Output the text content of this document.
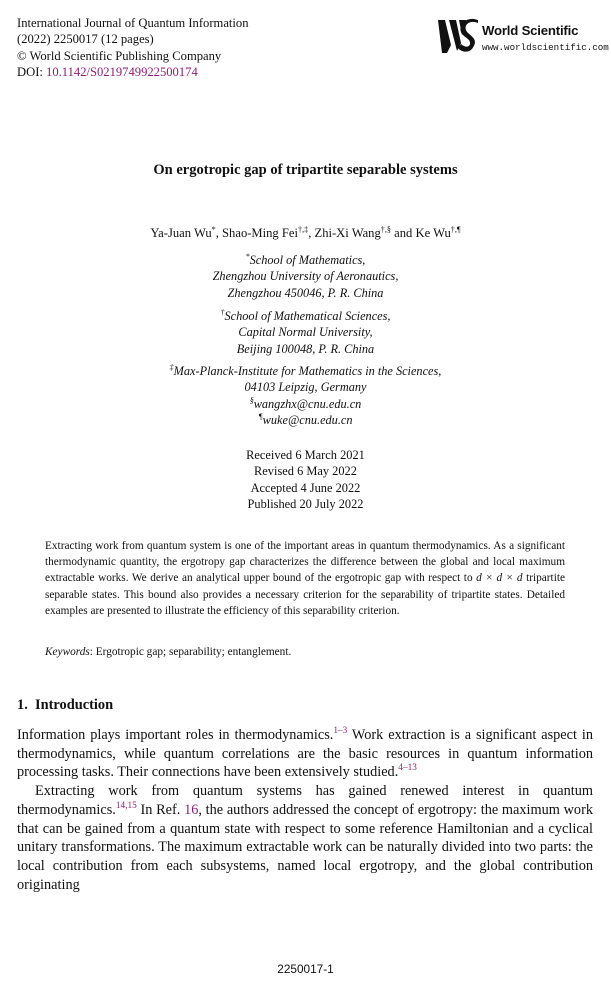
International Journal of Quantum Information
(2022) 2250017 (12 pages)
© World Scientific Publishing Company
DOI: 10.1142/S0219749922500174
World Scientific
www.worldscientific.com
On ergotropic gap of tripartite separable systems
Ya-Juan Wu*, Shao-Ming Fei†,‡, Zhi-Xi Wang†,§ and Ke Wu†,¶
*School of Mathematics,
Zhengzhou University of Aeronautics,
Zhengzhou 450046, P. R. China
†School of Mathematical Sciences,
Capital Normal University,
Beijing 100048, P. R. China
‡Max-Planck-Institute for Mathematics in the Sciences,
04103 Leipzig, Germany
§wangzhx@cnu.edu.cn
¶wuke@cnu.edu.cn
Received 6 March 2021
Revised 6 May 2022
Accepted 4 June 2022
Published 20 July 2022
Extracting work from quantum system is one of the important areas in quantum thermodynamics. As a significant thermodynamic quantity, the ergotropy gap characterizes the difference between the global and local maximum extractable works. We derive an analytical upper bound of the ergotropic gap with respect to d × d × d tripartite separable states. This bound also provides a necessary criterion for the separability of tripartite states. Detailed examples are presented to illustrate the efficiency of this separability criterion.
Keywords: Ergotropic gap; separability; entanglement.
1. Introduction

Information plays important roles in thermodynamics.$^{1-3}$ Work extraction is a significant aspect in thermodynamics, while quantum correlations are the basic resources in quantum information processing tasks. Their connections have been extensively studied.$^{4-13}$

Extracting work from quantum systems has gained renewed interest in quantum thermodynamics.$^{14,15}$ In Ref. 16, the authors addressed the concept of ergotropy: the maximum work that can be gained from a quantum state with respect to some reference Hamiltonian and a cyclical unitary transformations. The maximum extractable work can be naturally divided into two parts: the local contribution from each subsystems, named local ergotropy, and the global contribution originating

2250017-1
